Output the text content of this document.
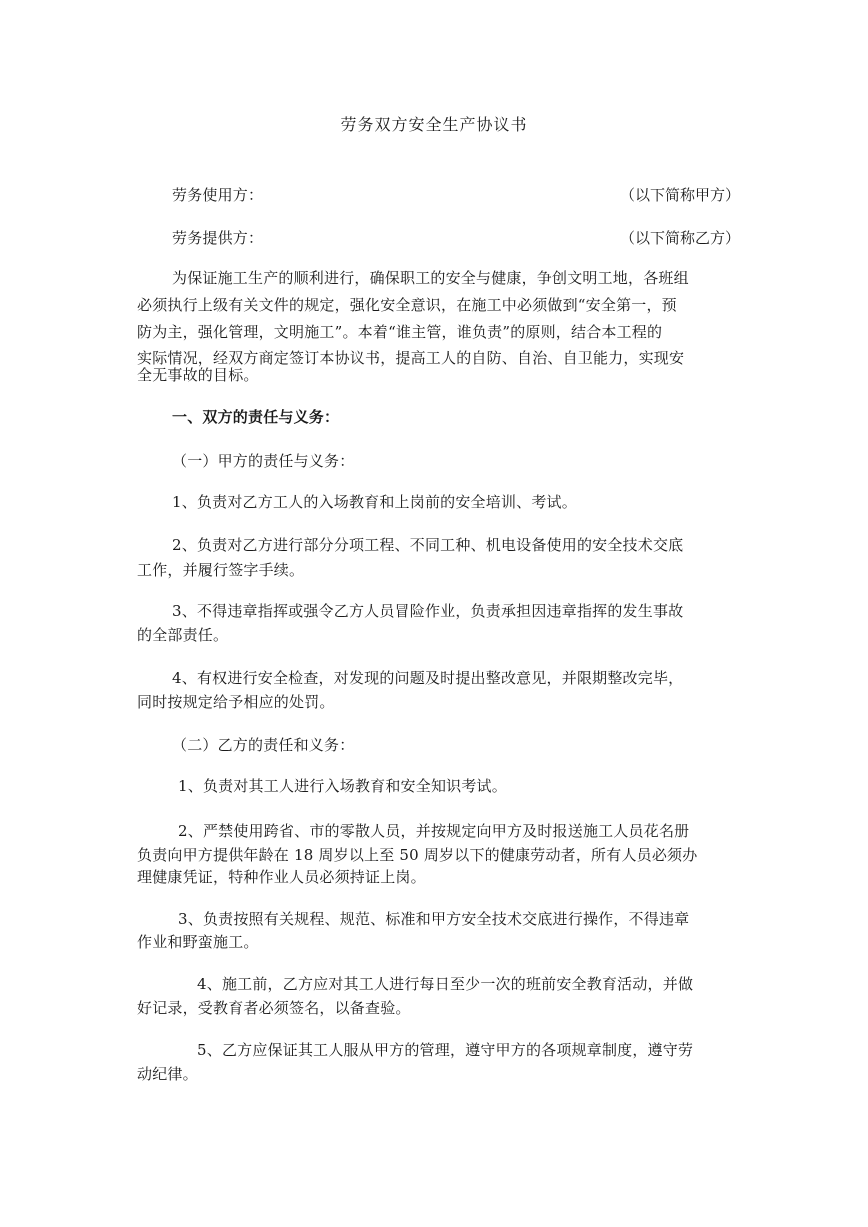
劳务双方安全生产协议书
劳务使用方：	（以下简称甲方）
劳务提供方：	（以下简称乙方）
为保证施工生产的顺利进行，确保职工的安全与健康，争创文明工地，各班组
必须执行上级有关文件的规定，强化安全意识，在施工中必须做到“安全第一，预
防为主，强化管理，文明施工”。本着“谁主管，谁负责”的原则，结合本工程的
实际情况，经双方商定签订本协议书，提高工人的自防、自治、自卫能力，实现安
全无事故的目标。
一、双方的责任与义务：
（一）甲方的责任与义务：
1、负责对乙方工人的入场教育和上岗前的安全培训、考试。
2、负责对乙方进行部分分项工程、不同工种、机电设备使用的安全技术交底
工作，并履行签字手续。
3、不得违章指挥或强令乙方人员冒险作业，负责承担因违章指挥的发生事故
的全部责任。
4、有权进行安全检查，对发现的问题及时提出整改意见，并限期整改完毕，
同时按规定给予相应的处罚。
（二）乙方的责任和义务：
1、负责对其工人进行入场教育和安全知识考试。
2、严禁使用跨省、市的零散人员，并按规定向甲方及时报送施工人员花名册
负责向甲方提供年龄在 18 周岁以上至 50 周岁以下的健康劳动者，所有人员必须办
理健康凭证，特种作业人员必须持证上岗。
3、负责按照有关规程、规范、标准和甲方安全技术交底进行操作，不得违章
作业和野蛮施工。
4、施工前，乙方应对其工人进行每日至少一次的班前安全教育活动，并做
好记录，受教育者必须签名，以备查验。
5、乙方应保证其工人服从甲方的管理，遵守甲方的各项规章制度，遵守劳
动纪律。
